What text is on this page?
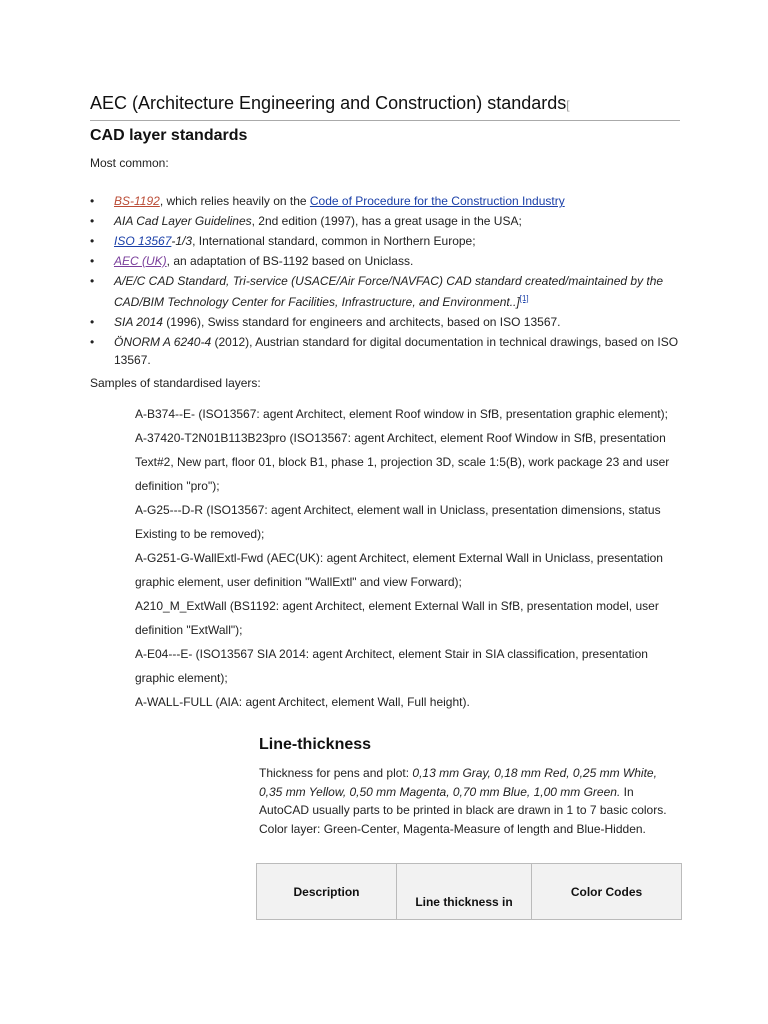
AEC (Architecture Engineering and Construction) standards[
CAD layer standards
Most common:
• BS-1192, which relies heavily on the Code of Procedure for the Construction Industry
• AIA Cad Layer Guidelines, 2nd edition (1997), has a great usage in the USA;
• ISO 13567-1/3, International standard, common in Northern Europe;
• AEC (UK), an adaptation of BS-1192 based on Uniclass.
• A/E/C CAD Standard, Tri-service (USACE/Air Force/NAVFAC) CAD standard created/maintained by the CAD/BIM Technology Center for Facilities, Infrastructure, and Environment..][1]
• SIA 2014 (1996), Swiss standard for engineers and architects, based on ISO 13567.
• ÖNORM A 6240-4 (2012), Austrian standard for digital documentation in technical drawings, based on ISO 13567.
Samples of standardised layers:
A-B374--E- (ISO13567: agent Architect, element Roof window in SfB, presentation graphic element);
A-37420-T2N01B113B23pro (ISO13567: agent Architect, element Roof Window in SfB, presentation Text#2, New part, floor 01, block B1, phase 1, projection 3D, scale 1:5(B), work package 23 and user definition "pro");
A-G25---D-R (ISO13567: agent Architect, element wall in Uniclass, presentation dimensions, status Existing to be removed);
A-G251-G-WallExtl-Fwd (AEC(UK): agent Architect, element External Wall in Uniclass, presentation graphic element, user definition "WallExtl" and view Forward);
A210_M_ExtWall (BS1192: agent Architect, element External Wall in SfB, presentation model, user definition "ExtWall");
A-E04---E- (ISO13567 SIA 2014: agent Architect, element Stair in SIA classification, presentation graphic element);
A-WALL-FULL (AIA: agent Architect, element Wall, Full height).
Line-thickness
Thickness for pens and plot: 0,13 mm Gray, 0,18 mm Red, 0,25 mm White, 0,35 mm Yellow, 0,50 mm Magenta, 0,70 mm Blue, 1,00 mm Green. In AutoCAD usually parts to be printed in black are drawn in 1 to 7 basic colors. Color layer: Green-Center, Magenta-Measure of length and Blue-Hidden.
Description	Line thickness in	Color Codes
